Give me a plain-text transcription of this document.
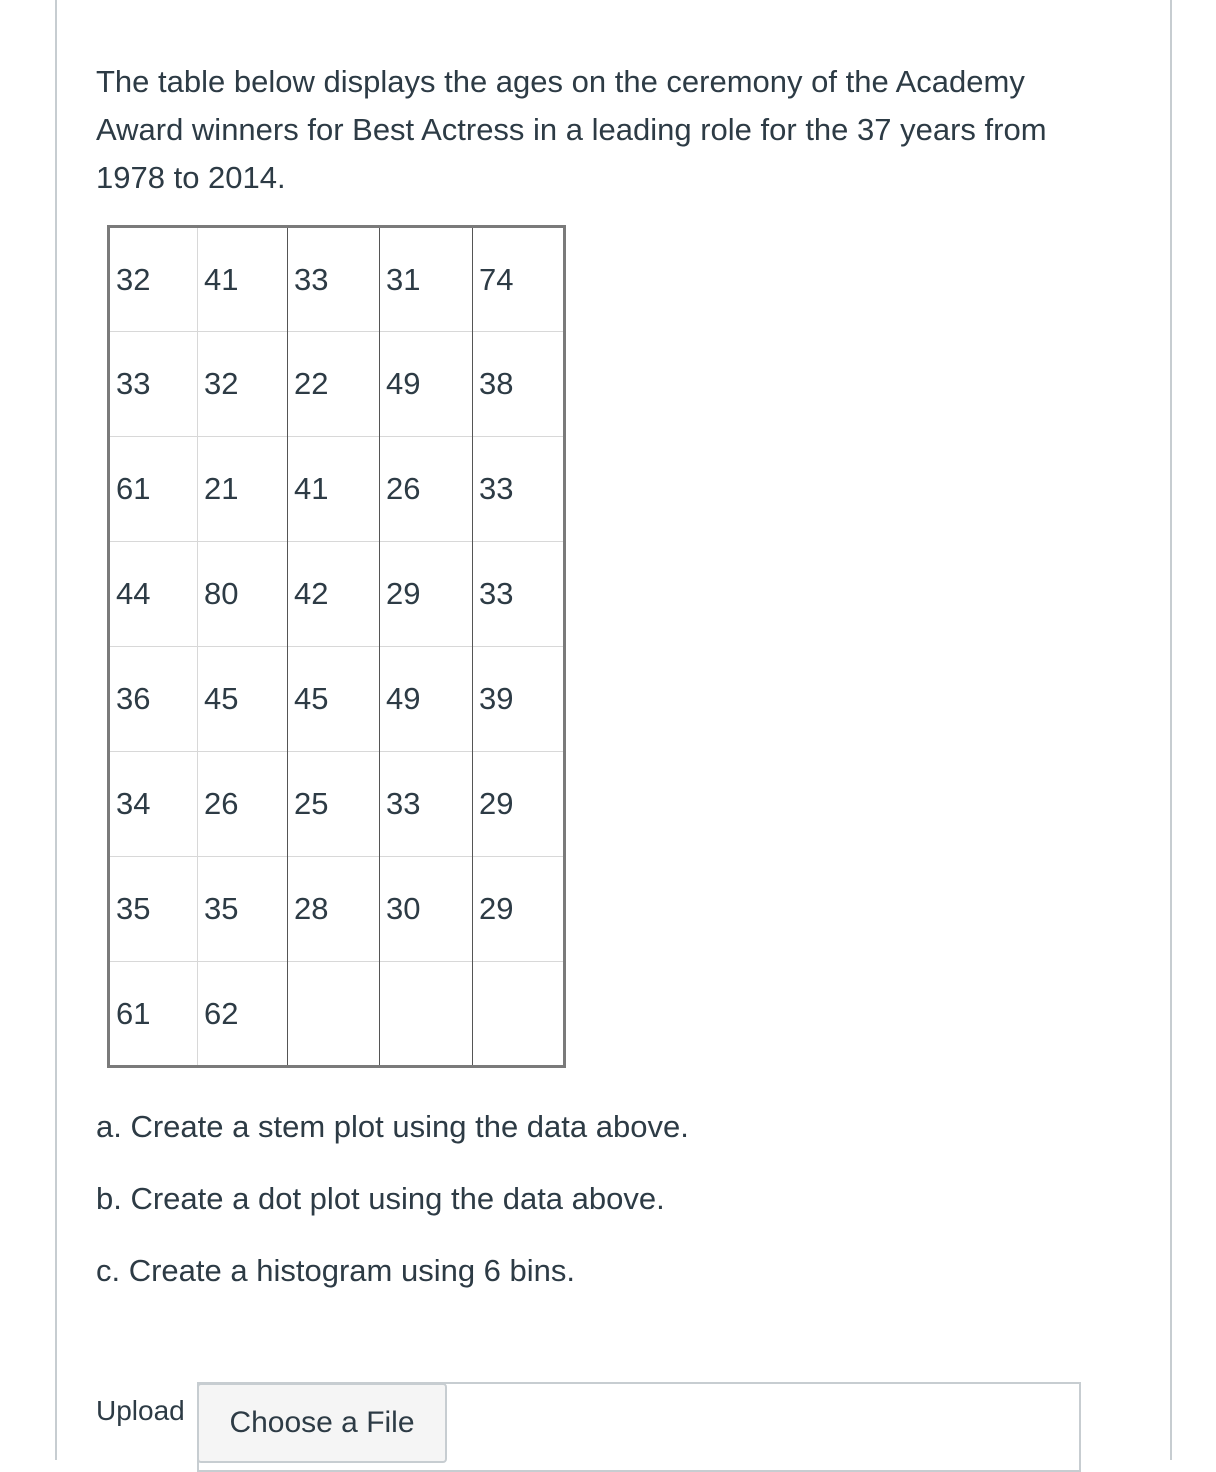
The table below displays the ages on the ceremony of the Academy Award winners for Best Actress in a leading role for the 37 years from 1978 to 2014.

32	41	33	31	74
33	32	22	49	38
61	21	41	26	33
44	80	42	29	33
36	45	45	49	39
34	26	25	33	29
35	35	28	30	29
61	62			

a. Create a stem plot using the data above.

b. Create a dot plot using the data above.

c. Create a histogram using 6 bins.

Upload	Choose a File
